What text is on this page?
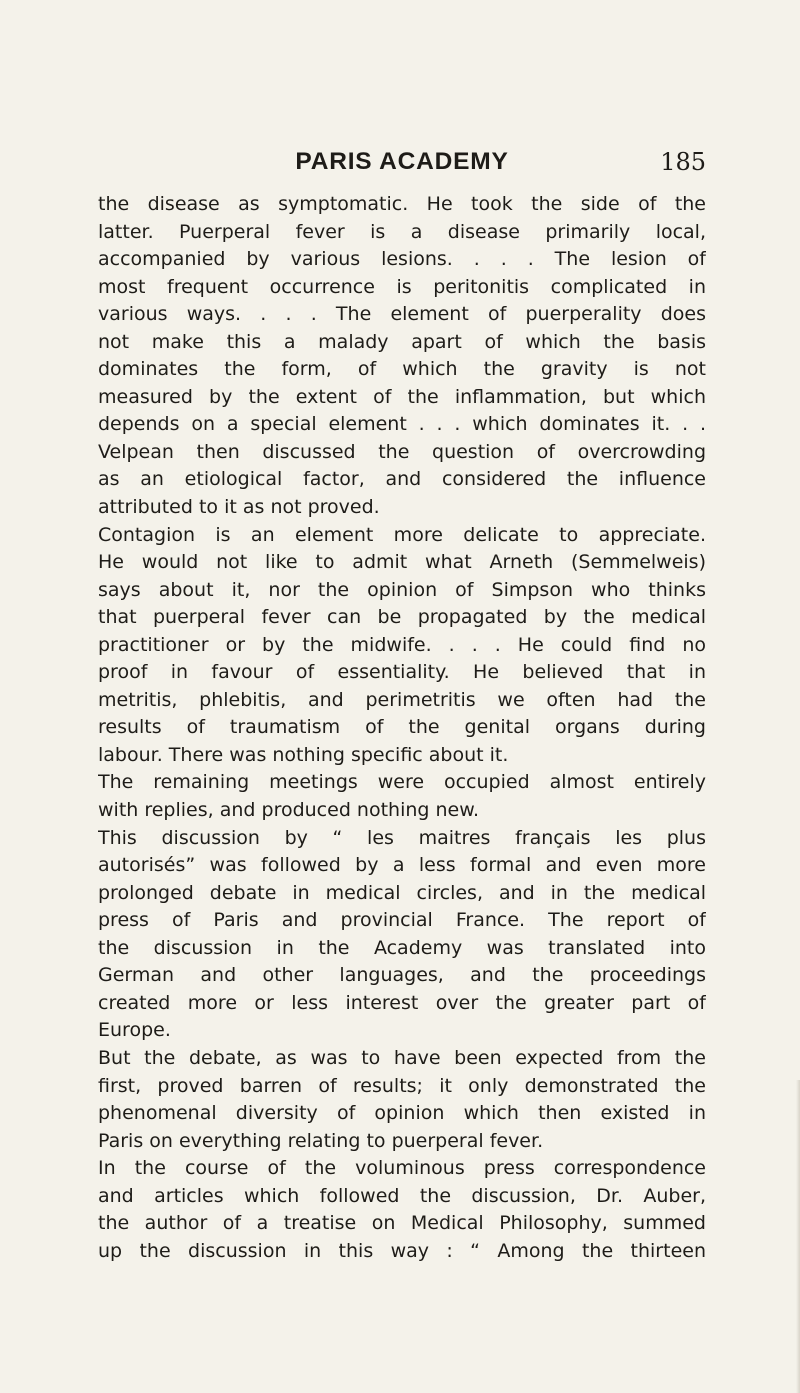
PARIS ACADEMY	185
the disease as symptomatic. He took the side of the
latter. Puerperal fever is a disease primarily local,
accompanied by various lesions. . . . The lesion of
most frequent occurrence is peritonitis complicated in
various ways. . . . The element of puerperality does
not make this a malady apart of which the basis
dominates the form, of which the gravity is not
measured by the extent of the inflammation, but which
depends on a special element . . . which dominates it. . .
Velpean then discussed the question of overcrowding
as an etiological factor, and considered the influence
attributed to it as not proved.
Contagion is an element more delicate to appreciate.
He would not like to admit what Arneth (Semmelweis)
says about it, nor the opinion of Simpson who thinks
that puerperal fever can be propagated by the medical
practitioner or by the midwife. . . . He could find no
proof in favour of essentiality. He believed that in
metritis, phlebitis, and perimetritis we often had the
results of traumatism of the genital organs during
labour. There was nothing specific about it.
The remaining meetings were occupied almost entirely
with replies, and produced nothing new.
This discussion by “ les maitres français les plus
autorisés” was followed by a less formal and even more
prolonged debate in medical circles, and in the medical
press of Paris and provincial France. The report of
the discussion in the Academy was translated into
German and other languages, and the proceedings
created more or less interest over the greater part of
Europe.
But the debate, as was to have been expected from the
first, proved barren of results; it only demonstrated the
phenomenal diversity of opinion which then existed in
Paris on everything relating to puerperal fever.
In the course of the voluminous press correspondence
and articles which followed the discussion, Dr. Auber,
the author of a treatise on Medical Philosophy, summed
up the discussion in this way : “ Among the thirteen
